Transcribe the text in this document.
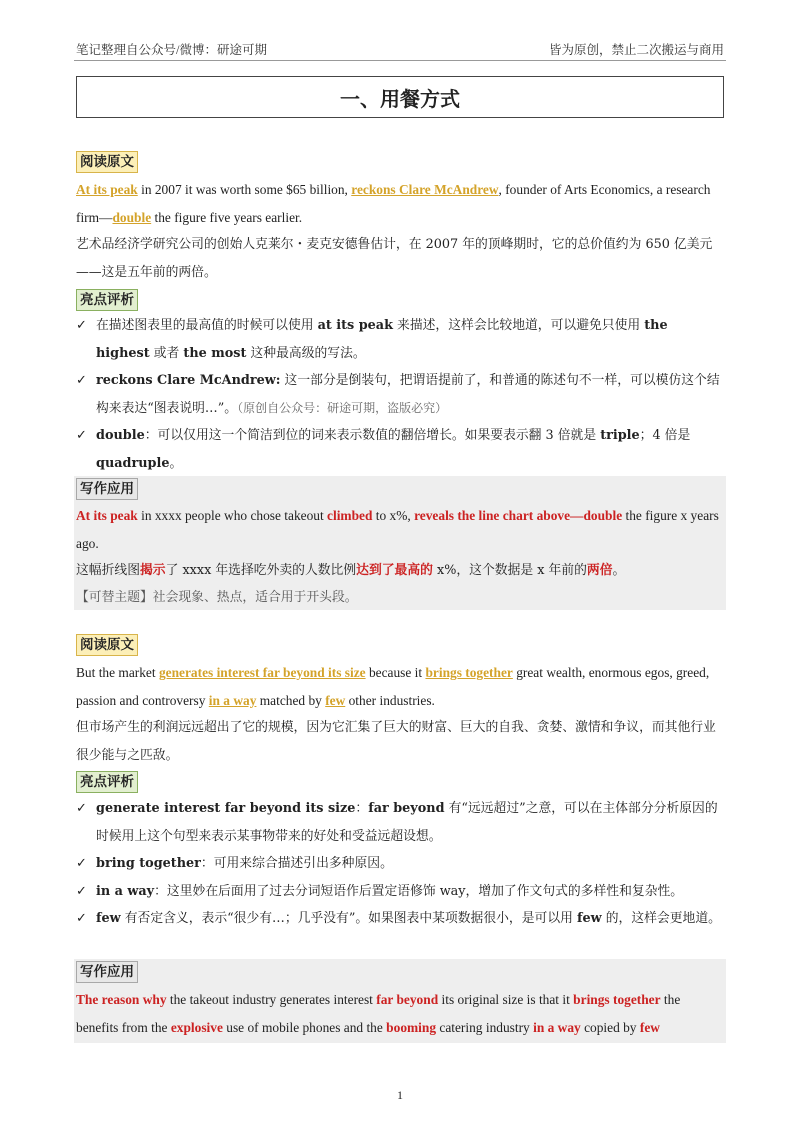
笔记整理自公众号/微博：研途可期	皆为原创，禁止二次搬运与商用
一、用餐方式
阅读原文

At its peak in 2007 it was worth some $65 billion, reckons Clare McAndrew, founder of Arts Economics, a research firm—double the figure five years earlier.

艺术品经济学研究公司的创始人克莱尔・麦克安德鲁估计，在 2007 年的顶峰期时，它的总价值约为 650 亿美元——这是五年前的两倍。

亮点评析
✓ 在描述图表里的最高值的时候可以使用 at its peak 来描述，这样会比较地道，可以避免只使用 the highest 或者 the most 这种最高级的写法。
✓ reckons Clare McAndrew: 这一部分是倒装句，把谓语提前了，和普通的陈述句不一样，可以模仿这个结构来表达“图表说明…”。（原创自公众号：研途可期，盗版必究）
✓ double：可以仅用这一个简洁到位的词来表示数值的翻倍增长。如果要表示翻 3 倍就是 triple；4 倍是 quadruple。
写作应用

At its peak in xxxx people who chose takeout climbed to x%, reveals the line chart above—double the figure x years ago.

这幅折线图揭示了 xxxx 年选择吃外卖的人数比例达到了最高的 x%，这个数据是 x 年前的两倍。

【可替主题】社会现象、热点，适合用于开头段。

阅读原文

But the market generates interest far beyond its size because it brings together great wealth, enormous egos, greed, passion and controversy in a way matched by few other industries.

但市场产生的利润远远超出了它的规模，因为它汇集了巨大的财富、巨大的自我、贪婪、激情和争议，而其他行业很少能与之匹敌。

亮点评析
✓ generate interest far beyond its size：far beyond 有“远远超过”之意，可以在主体部分分析原因的时候用上这个句型来表示某事物带来的好处和受益远超设想。
✓ bring together：可用来综合描述引出多种原因。
✓ in a way：这里妙在后面用了过去分词短语作后置定语修饰 way，增加了作文句式的多样性和复杂性。
✓ few 有否定含义，表示“很少有…；几乎没有”。如果图表中某项数据很小，是可以用 few 的，这样会更地道。
写作应用

The reason why the takeout industry generates interest far beyond its original size is that it brings together the benefits from the explosive use of mobile phones and the booming catering industry in a way copied by few

1
